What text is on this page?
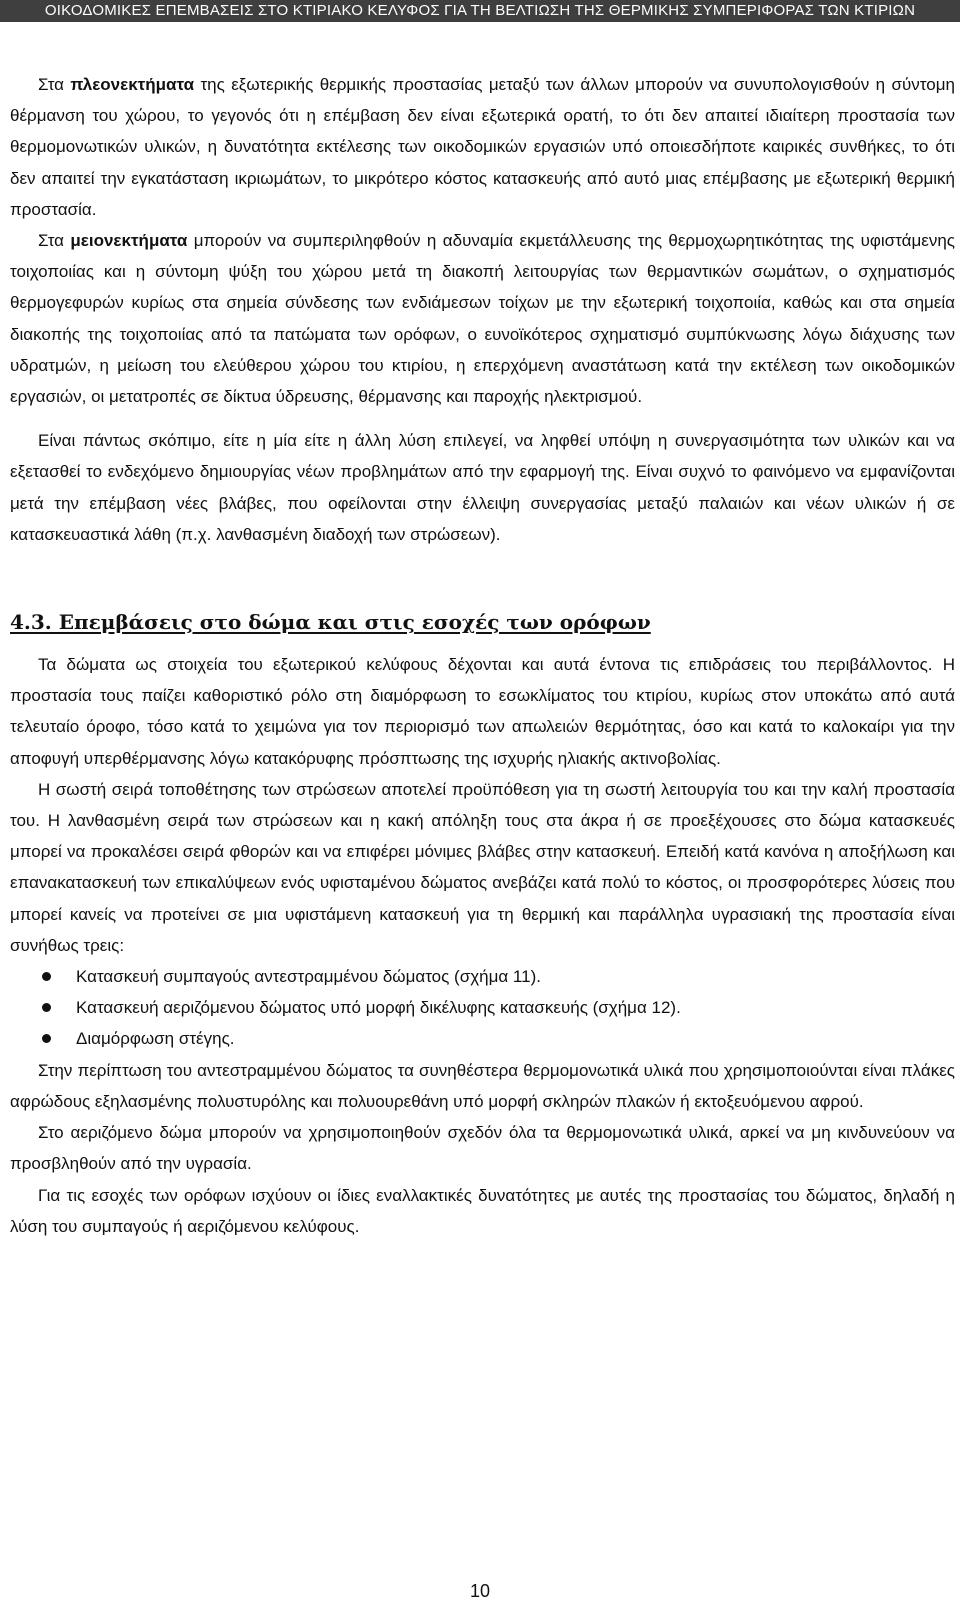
ΟΙΚΟΔΟΜΙΚΕΣ ΕΠΕΜΒΑΣΕΙΣ ΣΤΟ ΚΤΙΡΙΑΚΟ ΚΕΛΥΦΟΣ ΓΙΑ ΤΗ ΒΕΛΤΙΩΣΗ ΤΗΣ ΘΕΡΜΙΚΗΣ ΣΥΜΠΕΡΙΦΟΡΑΣ ΤΩΝ ΚΤΙΡΙΩΝ

Στα πλεονεκτήματα της εξωτερικής θερμικής προστασίας μεταξύ των άλλων μπορούν να συνυπολογισθούν η σύντομη θέρμανση του χώρου, το γεγονός ότι η επέμβαση δεν είναι εξωτερικά ορατή, το ότι δεν απαιτεί ιδιαίτερη προστασία των θερμομονωτικών υλικών, η δυνατότητα εκτέλεσης των οικοδομικών εργασιών υπό οποιεσδήποτε καιρικές συνθήκες, το ότι δεν απαιτεί την εγκατάσταση ικριωμάτων, το μικρότερο κόστος κατασκευής από αυτό μιας επέμβασης με εξωτερική θερμική προστασία.

Στα μειονεκτήματα μπορούν να συμπεριληφθούν η αδυναμία εκμετάλλευσης της θερμοχωρητικότητας της υφιστάμενης τοιχοποιίας και η σύντομη ψύξη του χώρου μετά τη διακοπή λειτουργίας των θερμαντικών σωμάτων, ο σχηματισμός θερμογεφυρών κυρίως στα σημεία σύνδεσης των ενδιάμεσων τοίχων με την εξωτερική τοιχοποιία, καθώς και στα σημεία διακοπής της τοιχοποιίας από τα πατώματα των ορόφων, ο ευνοϊκότερος σχηματισμό συμπύκνωσης λόγω διάχυσης των υδρατμών, η μείωση του ελεύθερου χώρου του κτιρίου, η επερχόμενη αναστάτωση κατά την εκτέλεση των οικοδομικών εργασιών, οι μετατροπές σε δίκτυα ύδρευσης, θέρμανσης και παροχής ηλεκτρισμού.

Είναι πάντως σκόπιμο, είτε η μία είτε η άλλη λύση επιλεγεί, να ληφθεί υπόψη η συνεργασιμότητα των υλικών και να εξετασθεί το ενδεχόμενο δημιουργίας νέων προβλημάτων από την εφαρμογή της. Είναι συχνό το φαινόμενο να εμφανίζονται μετά την επέμβαση νέες βλάβες, που οφείλονται στην έλλειψη συνεργασίας μεταξύ παλαιών και νέων υλικών ή σε κατασκευαστικά λάθη (π.χ. λανθασμένη διαδοχή των στρώσεων).

4.3. Επεμβάσεις στο δώμα και στις εσοχές των ορόφων

Τα δώματα ως στοιχεία του εξωτερικού κελύφους δέχονται και αυτά έντονα τις επιδράσεις του περιβάλλοντος. Η προστασία τους παίζει καθοριστικό ρόλο στη διαμόρφωση το εσωκλίματος του κτιρίου, κυρίως στον υποκάτω από αυτά τελευταίο όροφο, τόσο κατά το χειμώνα για τον περιορισμό των απωλειών θερμότητας, όσο και κατά το καλοκαίρι για την αποφυγή υπερθέρμανσης λόγω κατακόρυφης πρόσπτωσης της ισχυρής ηλιακής ακτινοβολίας.

Η σωστή σειρά τοποθέτησης των στρώσεων αποτελεί προϋπόθεση για τη σωστή λειτουργία του και την καλή προστασία του. Η λανθασμένη σειρά των στρώσεων και η κακή απόληξη τους στα άκρα ή σε προεξέχουσες στο δώμα κατασκευές μπορεί να προκαλέσει σειρά φθορών και να επιφέρει μόνιμες βλάβες στην κατασκευή. Επειδή κατά κανόνα η αποξήλωση και επανακατασκευή των επικαλύψεων ενός υφισταμένου δώματος ανεβάζει κατά πολύ το κόστος, οι προσφορότερες λύσεις που μπορεί κανείς να προτείνει σε μια υφιστάμενη κατασκευή για τη θερμική και παράλληλα υγρασιακή της προστασία είναι συνήθως τρεις:

Κατασκευή συμπαγούς αντεστραμμένου δώματος (σχήμα 11).
Κατασκευή αεριζόμενου δώματος υπό μορφή δικέλυφης κατασκευής (σχήμα 12).
Διαμόρφωση στέγης.

Στην περίπτωση του αντεστραμμένου δώματος τα συνηθέστερα θερμομονωτικά υλικά που χρησιμοποιούνται είναι πλάκες αφρώδους εξηλασμένης πολυστυρόλης και πολυουρεθάνη υπό μορφή σκληρών πλακών ή εκτοξευόμενου αφρού.

Στο αεριζόμενο δώμα μπορούν να χρησιμοποιηθούν σχεδόν όλα τα θερμομονωτικά υλικά, αρκεί να μη κινδυνεύουν να προσβληθούν από την υγρασία.

Για τις εσοχές των ορόφων ισχύουν οι ίδιες εναλλακτικές δυνατότητες με αυτές της προστασίας του δώματος, δηλαδή η λύση του συμπαγούς ή αεριζόμενου κελύφους.

10
